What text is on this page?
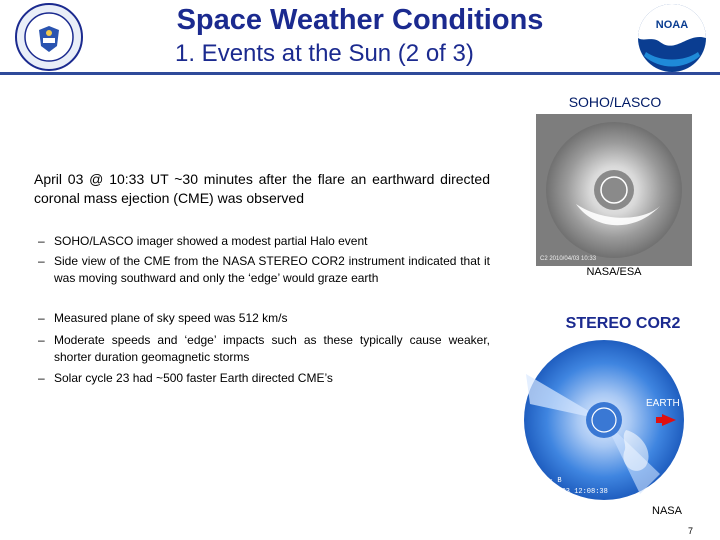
Space Weather Conditions
1. Events at the Sun (2 of 3)
NOAA
April 03 @ 10:33 UT ~30 minutes after the flare an earthward directed coronal mass ejection (CME) was observed
– SOHO/LASCO imager showed a modest partial Halo event
– Side view of the CME from the NASA STEREO COR2 instrument indicated that it was moving southward and only the ‘edge’ would graze earth
– Measured plane of sky speed was 512 km/s
– Moderate speeds and ‘edge’ impacts such as these typically cause weaker, shorter duration geomagnetic storms
– Solar cycle 23 had ~500 faster Earth directed CME’s
SOHO/LASCO
C2 2010/04/03 10:33
NASA/ESA
STEREO COR2
EARTH
COR2 - B
2010/04/03 12:08:38
NASA
7
